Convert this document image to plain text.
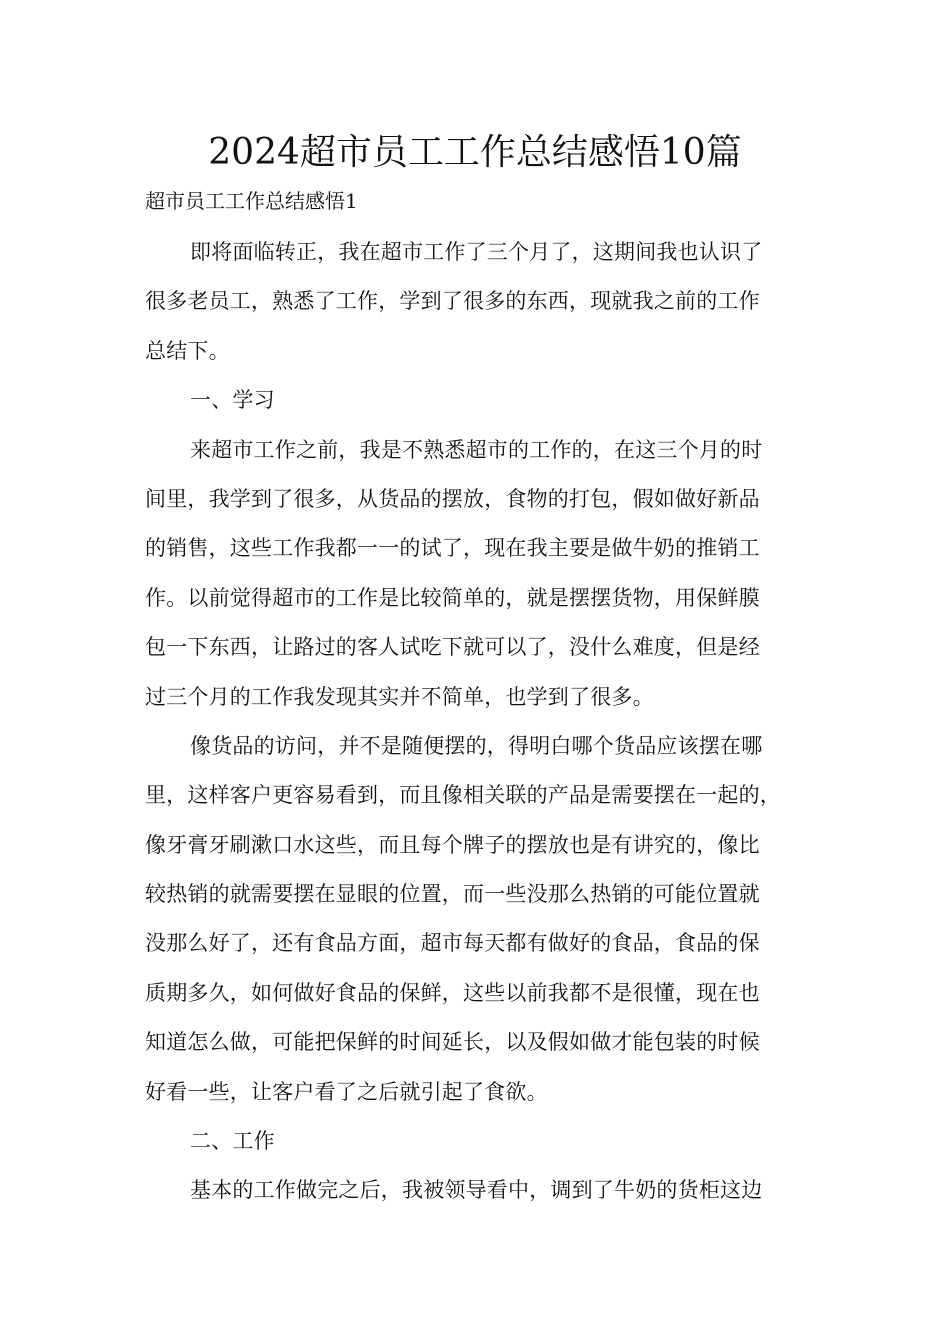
2024超市员工工作总结感悟10篇
超市员工工作总结感悟1
即将面临转正，我在超市工作了三个月了，这期间我也认识了
很多老员工，熟悉了工作，学到了很多的东西，现就我之前的工作
总结下。
一、学习
来超市工作之前，我是不熟悉超市的工作的，在这三个月的时
间里，我学到了很多，从货品的摆放，食物的打包，假如做好新品
的销售，这些工作我都一一的试了，现在我主要是做牛奶的推销工
作。以前觉得超市的工作是比较简单的，就是摆摆货物，用保鲜膜
包一下东西，让路过的客人试吃下就可以了，没什么难度，但是经
过三个月的工作我发现其实并不简单，也学到了很多。
像货品的访问，并不是随便摆的，得明白哪个货品应该摆在哪
里，这样客户更容易看到，而且像相关联的产品是需要摆在一起的，
像牙膏牙刷漱口水这些，而且每个牌子的摆放也是有讲究的，像比
较热销的就需要摆在显眼的位置，而一些没那么热销的可能位置就
没那么好了，还有食品方面，超市每天都有做好的食品，食品的保
质期多久，如何做好食品的保鲜，这些以前我都不是很懂，现在也
知道怎么做，可能把保鲜的时间延长，以及假如做才能包装的时候
好看一些，让客户看了之后就引起了食欲。
二、工作
基本的工作做完之后，我被领导看中，调到了牛奶的货柜这边
